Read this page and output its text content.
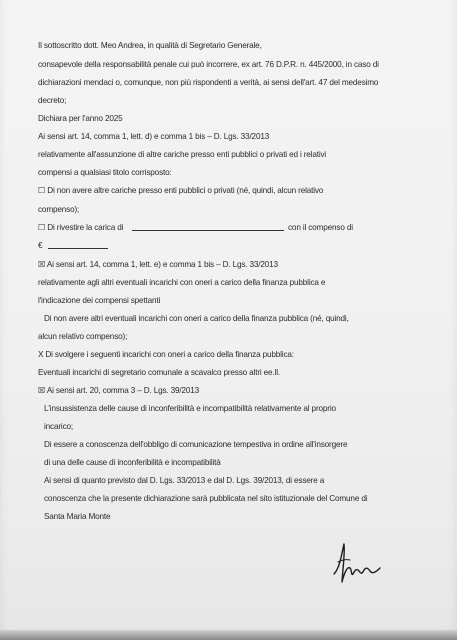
Il sottoscritto dott. Meo Andrea, in qualità di Segretario Generale,

consapevole della responsabilità penale cui può incorrere, ex art. 76 D.P.R. n. 445/2000, in caso di

dichiarazioni mendaci o, comunque, non più rispondenti a verità, ai sensi dell'art. 47 del medesimo

decreto;

Dichiara per l'anno 2025

Ai sensi art. 14, comma 1, lett. d) e comma 1 bis – D. Lgs. 33/2013

relativamente all'assunzione di altre cariche presso enti pubblici o privati ed i relativi

compensi a qualsiasi titolo corrisposto:

☐ Di non avere altre cariche presso enti pubblici o privati (né, quindi, alcun relativo

compenso);

☐ Di rivestire la carica di	con il compenso di

€

☒ Ai sensi art. 14, comma 1, lett. e) e comma 1 bis – D. Lgs. 33/2013

relativamente agli altri eventuali incarichi con oneri a carico della finanza pubblica e

l'indicazione dei compensi spettanti

Di non avere altri eventuali incarichi con oneri a carico della finanza pubblica (né, quindi,

alcun relativo compenso);

X Di svolgere i seguenti incarichi con oneri a carico della finanza pubblica:

Eventuali incarichi di segretario comunale a scavalco presso altri ee.ll.

☒ Ai sensi art. 20, comma 3 – D. Lgs. 39/2013

L'insussistenza delle cause di inconferibilità e incompatibilità relativamente al proprio

incarico;

Di essere a conoscenza dell'obbligo di comunicazione tempestiva in ordine all'insorgere

di una delle cause di inconferibilità e incompatibilità

Ai sensi di quanto previsto dal D. Lgs. 33/2013 e dal D. Lgs. 39/2013, di essere a

conoscenza che la presente dichiarazione sarà pubblicata nel sito istituzionale del Comune di

Santa Maria Monte
